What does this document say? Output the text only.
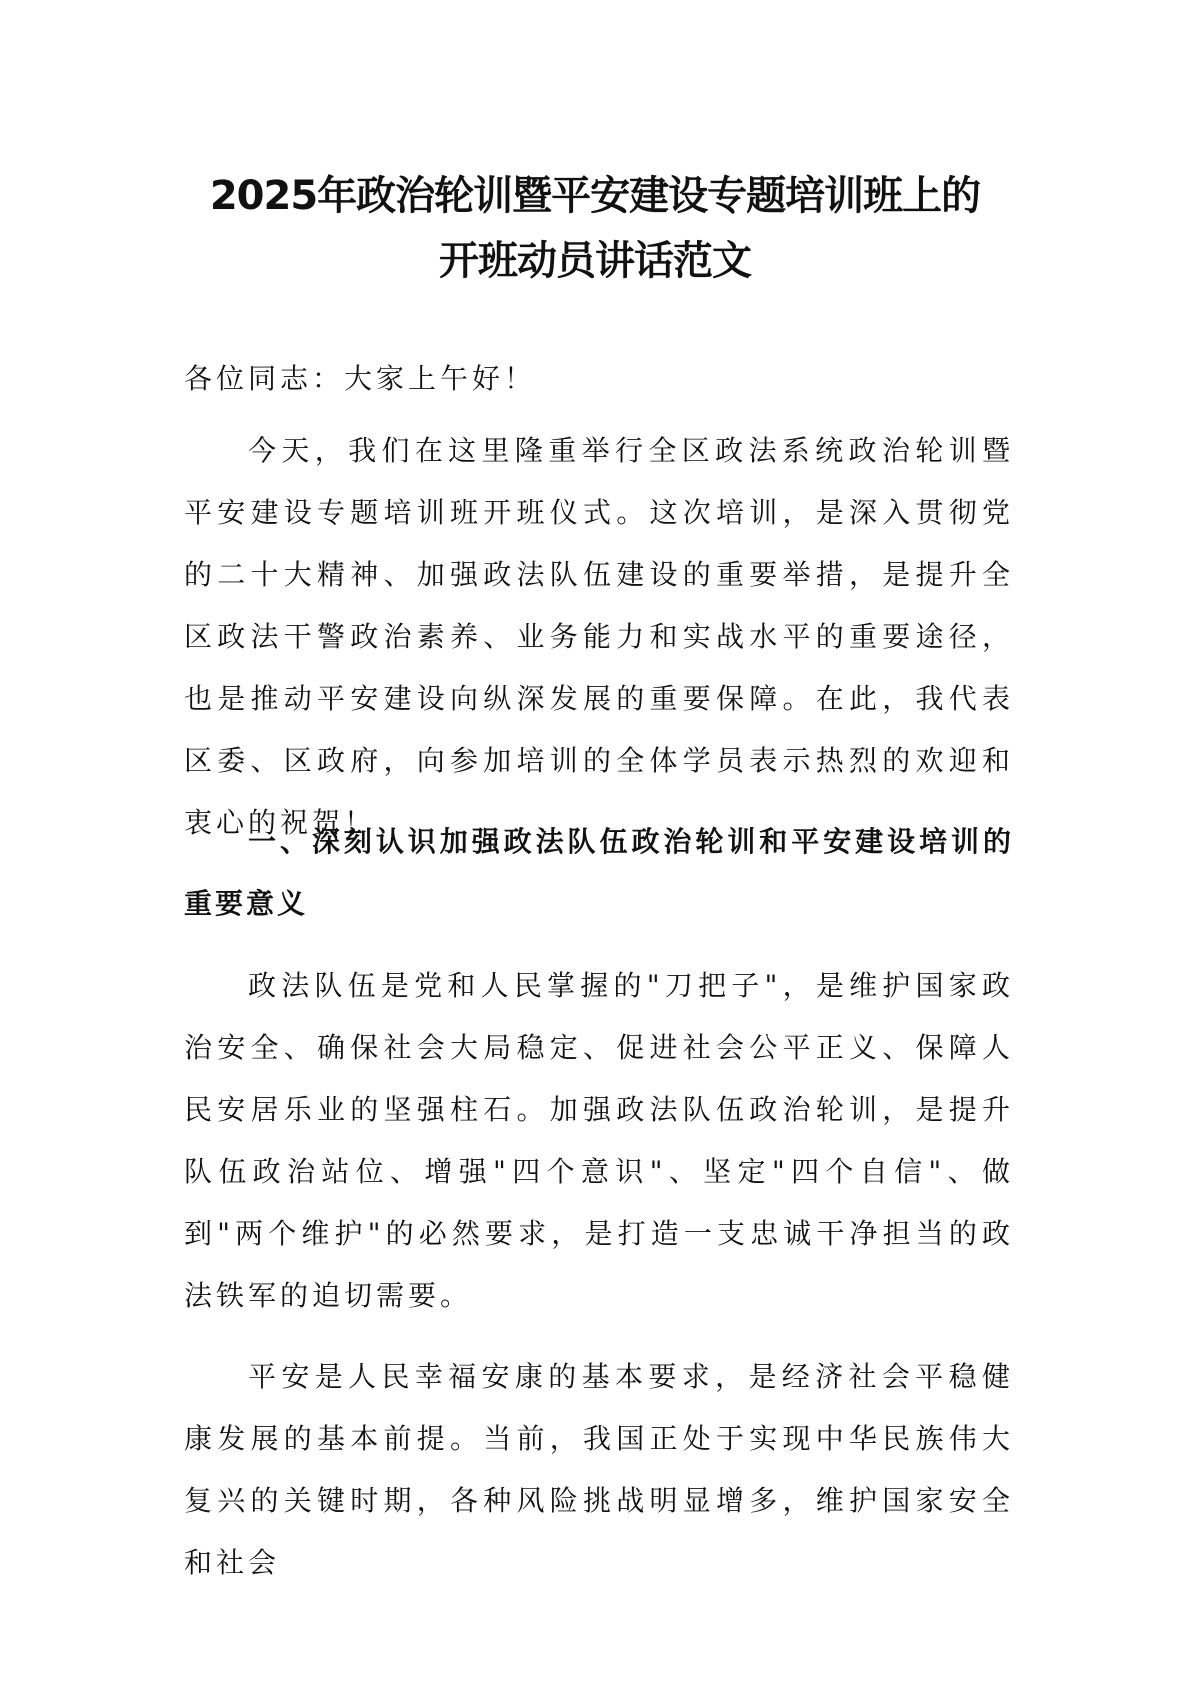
2025年政治轮训暨平安建设专题培训班上的
开班动员讲话范文

各位同志：大家上午好！

今天，我们在这里隆重举行全区政法系统政治轮训暨平安建设专题培训班开班仪式。这次培训，是深入贯彻党的二十大精神、加强政法队伍建设的重要举措，是提升全区政法干警政治素养、业务能力和实战水平的重要途径，也是推动平安建设向纵深发展的重要保障。在此，我代表区委、区政府，向参加培训的全体学员表示热烈的欢迎和衷心的祝贺！

一、深刻认识加强政法队伍政治轮训和平安建设培训的重要意义

政法队伍是党和人民掌握的"刀把子"，是维护国家政治安全、确保社会大局稳定、促进社会公平正义、保障人民安居乐业的坚强柱石。加强政法队伍政治轮训，是提升队伍政治站位、增强"四个意识"、坚定"四个自信"、做到"两个维护"的必然要求，是打造一支忠诚干净担当的政法铁军的迫切需要。

平安是人民幸福安康的基本要求，是经济社会平稳健康发展的基本前提。当前，我国正处于实现中华民族伟大复兴的关键时期，各种风险挑战明显增多，维护国家安全和社会
